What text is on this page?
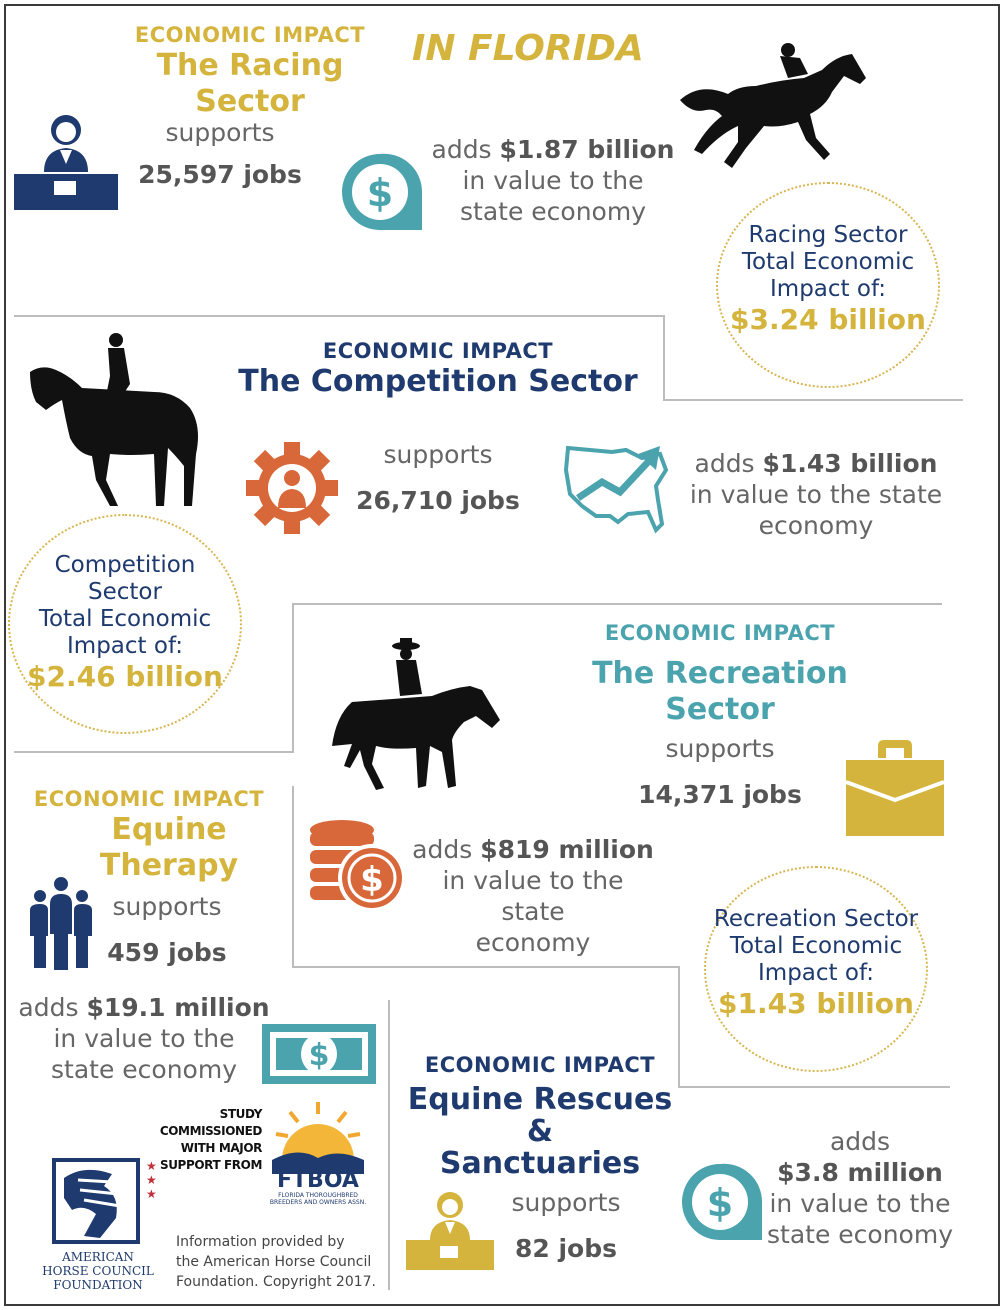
ECONOMIC IMPACT
The Racing Sector
IN FLORIDA
supports
25,597 jobs $
adds $1.87 billion
in value to the
state economy
Racing Sector
Total Economic
Impact of:
$3.24 billion
ECONOMIC IMPACT
The Competition Sector
supports
26,710 jobs
adds $1.43 billion
in value to the state
economy
Competition
Sector
Total Economic
Impact of:
$2.46 billion
ECONOMIC IMPACT
The Recreation Sector
supports
14,371 jobs
$
adds $819 million
in value to the state
economy
Recreation Sector
Total Economic
Impact of:
$1.43 billion
ECONOMIC IMPACT
Equine Therapy
supports
459 jobs
adds $19.1 million
in value to the
state economy	$
STUDY COMMISSIONED
WITH MAJOR
SUPPORT FROM
FTBOA
FLORIDA THOROUGHBRED
BREEDERS AND OWNERS ASSN.
★
★
★
AMERICAN
HORSE COUNCIL
FOUNDATION
Information provided by
the American Horse Council
Foundation. Copyright 2017.
ECONOMIC IMPACT
Equine Rescues &
Sanctuaries
supports
82 jobs
$
adds
$3.8 million
in value to the
state economy
